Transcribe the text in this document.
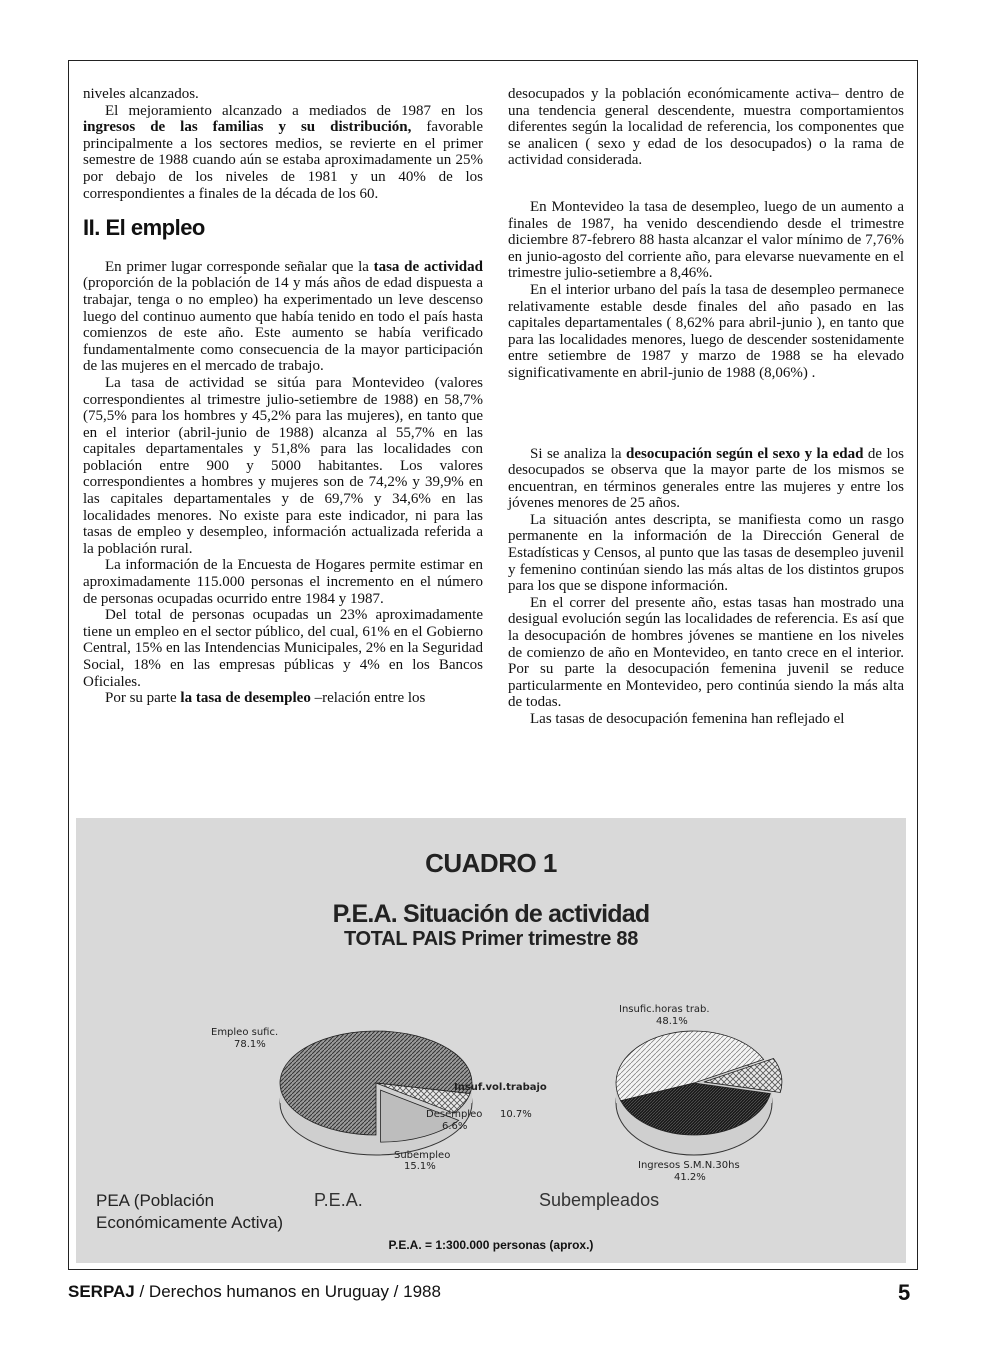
niveles alcanzados.

El mejoramiento alcanzado a mediados de 1987 en los ingresos de las familias y su distribución, favorable principalmente a los sectores medios, se revierte en el primer semestre de 1988 cuando aún se estaba aproximadamente un 25% por debajo de los niveles de 1981 y un 40% de los correspondientes a finales de la década de los 60.

II. El empleo

En primer lugar corresponde señalar que la tasa de actividad (proporción de la población de 14 y más años de edad dispuesta a trabajar, tenga o no empleo) ha experimentado un leve descenso luego del continuo aumento que había tenido en todo el país hasta comienzos de este año. Este aumento se había verificado fundamentalmente como consecuencia de la mayor participación de las mujeres en el mercado de trabajo.

La tasa de actividad se sitúa para Montevideo (valores correspondientes al trimestre julio-setiembre de 1988) en 58,7% (75,5% para los hombres y 45,2% para las mujeres), en tanto que en el interior (abril-junio de 1988) alcanza al 55,7% en las capitales departamentales y 51,8% para las localidades con población entre 900 y 5000 habitantes. Los valores correspondientes a hombres y mujeres son de 74,2% y 39,9% en las capitales departamentales y de 69,7% y 34,6% en las localidades menores. No existe para este indicador, ni para las tasas de empleo y desempleo, información actualizada referida a la población rural.

La información de la Encuesta de Hogares permite estimar en aproximadamente 115.000 personas el incremento en el número de personas ocupadas ocurrido entre 1984 y 1987.

Del total de personas ocupadas un 23% aproximadamente tiene un empleo en el sector público, del cual, 61% en el Gobierno Central, 15% en las Intendencias Municipales, 2% en la Seguridad Social, 18% en las empresas públicas y 4% en los Bancos Oficiales.

Por su parte la tasa de desempleo –relación entre los

desocupados y la población económicamente activa– dentro de una tendencia general descendente, muestra comportamientos diferentes según la localidad de referencia, los componentes que se analicen ( sexo y edad de los desocupados) o la rama de actividad considerada.

En Montevideo la tasa de desempleo, luego de un aumento a finales de 1987, ha venido descendiendo desde el trimestre diciembre 87-febrero 88 hasta alcanzar el valor mínimo de 7,76% en junio-agosto del corriente año, para elevarse nuevamente en el trimestre julio-setiembre a 8,46%.

En el interior urbano del país la tasa de desempleo permanece relativamente estable desde finales del año pasado en las capitales departamentales ( 8,62% para abril-junio ), en tanto que para las localidades menores, luego de descender sostenidamente entre setiembre de 1987 y marzo de 1988 se ha elevado significativamente en abril-junio de 1988 (8,06%) .

Si se analiza la desocupación según el sexo y la edad de los desocupados se observa que la mayor parte de los mismos se encuentran, en términos generales entre las mujeres y entre los jóvenes menores de 25 años.

La situación antes descripta, se manifiesta como un rasgo permanente en la información de la Dirección General de Estadísticas y Censos, al punto que las tasas de desempleo juvenil y femenino continúan siendo las más altas de los distintos grupos para los que se dispone información.

En el correr del presente año, estas tasas han mostrado una desigual evolución según las localidades de referencia. Es así que la desocupación de hombres jóvenes se mantiene en los niveles de comienzo de año en Montevideo, en tanto crece en el interior. Por su parte la desocupación femenina juvenil se reduce particularmente en Montevideo, pero continúa siendo la más alta de todas.

Las tasas de desocupación femenina han reflejado el

CUADRO 1
P.E.A. Situación de actividad
TOTAL PAIS Primer trimestre 88
Empleo sufic.
78.1%
Desempleo
6.6%
Subempleo
15.1%
P.E.A.
Insufic.horas trab.
48.1%
Insuf.vol.trabajo
10.7%
Ingresos S.M.N.30hs
41.2%
Subempleados
PEA (Población
Económicamente Activa)
P.E.A. = 1:300.000 personas (aprox.)
SERPAJ / Derechos humanos en Uruguay / 1988	5
